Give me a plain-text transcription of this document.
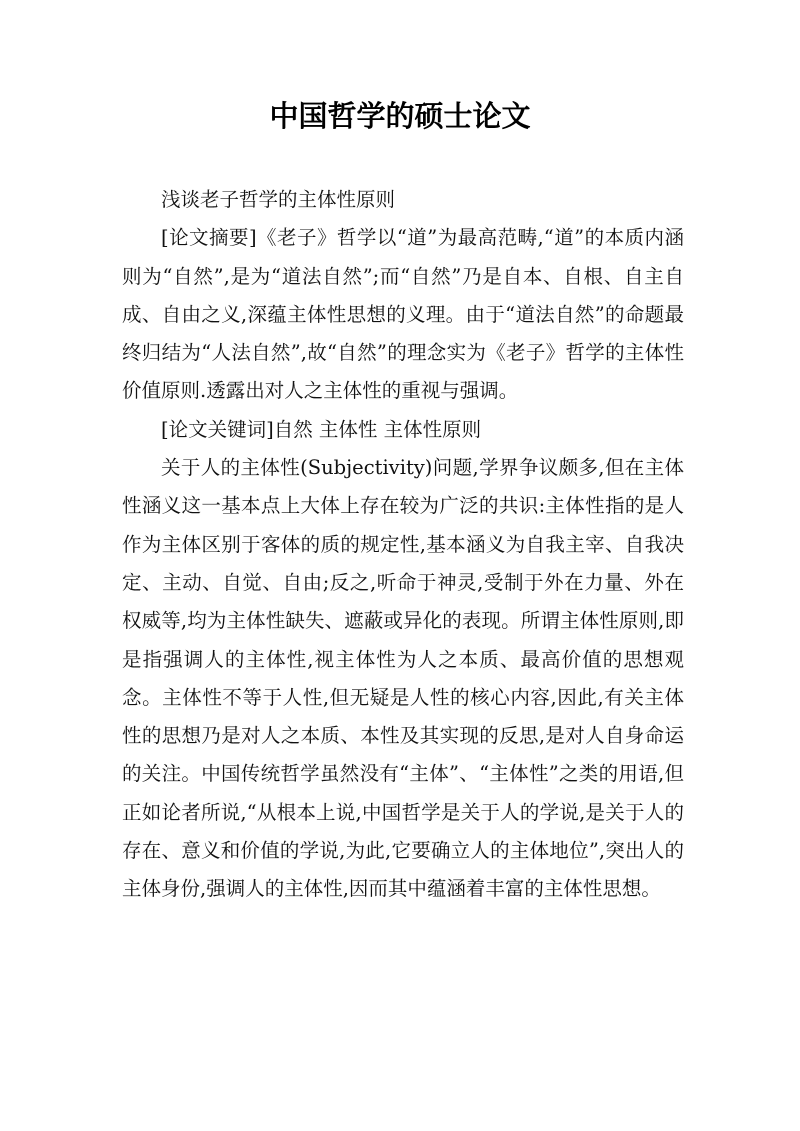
中国哲学的硕士论文

浅谈老子哲学的主体性原则

[论文摘要]《老子》哲学以“道”为最高范畴,“道”的本质内涵则为“自然”,是为“道法自然”;而“自然”乃是自本、自根、自主自成、自由之义,深蕴主体性思想的义理。由于“道法自然”的命题最终归结为“人法自然”,故“自然”的理念实为《老子》哲学的主体性价值原则.透露出对人之主体性的重视与强调。

[论文关键词]自然 主体性 主体性原则

关于人的主体性(Subjectivity)问题,学界争议颇多,但在主体性涵义这一基本点上大体上存在较为广泛的共识:主体性指的是人作为主体区别于客体的质的规定性,基本涵义为自我主宰、自我决定、主动、自觉、自由;反之,听命于神灵,受制于外在力量、外在权威等,均为主体性缺失、遮蔽或异化的表现。所谓主体性原则,即是指强调人的主体性,视主体性为人之本质、最高价值的思想观念。主体性不等于人性,但无疑是人性的核心内容,因此,有关主体性的思想乃是对人之本质、本性及其实现的反思,是对人自身命运的关注。中国传统哲学虽然没有“主体”、“主体性”之类的用语,但正如论者所说,“从根本上说,中国哲学是关于人的学说,是关于人的存在、意义和价值的学说,为此,它要确立人的主体地位”,突出人的主体身份,强调人的主体性,因而其中蕴涵着丰富的主体性思想。
